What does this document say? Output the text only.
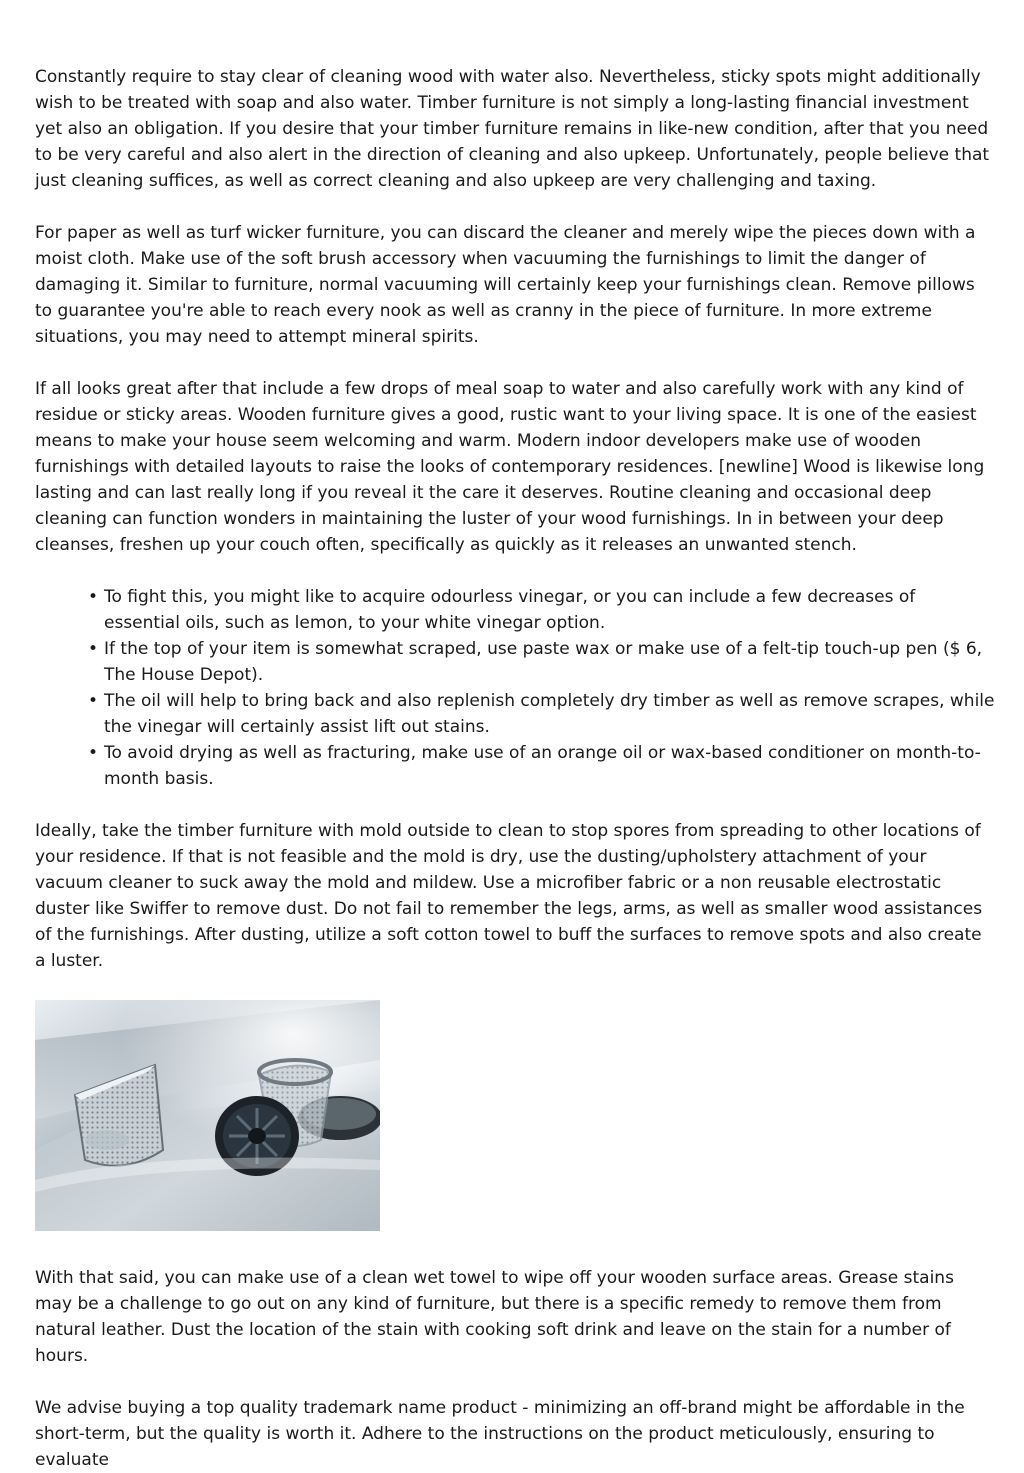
Constantly require to stay clear of cleaning wood with water also. Nevertheless, sticky spots might additionally wish to be treated with soap and also water. Timber furniture is not simply a long-lasting financial investment yet also an obligation. If you desire that your timber furniture remains in like-new condition, after that you need to be very careful and also alert in the direction of cleaning and also upkeep. Unfortunately, people believe that just cleaning suffices, as well as correct cleaning and also upkeep are very challenging and taxing.

For paper as well as turf wicker furniture, you can discard the cleaner and merely wipe the pieces down with a moist cloth. Make use of the soft brush accessory when vacuuming the furnishings to limit the danger of damaging it. Similar to furniture, normal vacuuming will certainly keep your furnishings clean. Remove pillows to guarantee you're able to reach every nook as well as cranny in the piece of furniture. In more extreme situations, you may need to attempt mineral spirits.

If all looks great after that include a few drops of meal soap to water and also carefully work with any kind of residue or sticky areas. Wooden furniture gives a good, rustic want to your living space. It is one of the easiest means to make your house seem welcoming and warm. Modern indoor developers make use of wooden furnishings with detailed layouts to raise the looks of contemporary residences. [newline] Wood is likewise long lasting and can last really long if you reveal it the care it deserves. Routine cleaning and occasional deep cleaning can function wonders in maintaining the luster of your wood furnishings. In in between your deep cleanses, freshen up your couch often, specifically as quickly as it releases an unwanted stench.

• To fight this, you might like to acquire odourless vinegar, or you can include a few decreases of essential oils, such as lemon, to your white vinegar option.
• If the top of your item is somewhat scraped, use paste wax or make use of a felt-tip touch-up pen ($ 6, The House Depot).
• The oil will help to bring back and also replenish completely dry timber as well as remove scrapes, while the vinegar will certainly assist lift out stains.
• To avoid drying as well as fracturing, make use of an orange oil or wax-based conditioner on month-to-month basis.

Ideally, take the timber furniture with mold outside to clean to stop spores from spreading to other locations of your residence. If that is not feasible and the mold is dry, use the dusting/upholstery attachment of your vacuum cleaner to suck away the mold and mildew. Use a microfiber fabric or a non reusable electrostatic duster like Swiffer to remove dust. Do not fail to remember the legs, arms, as well as smaller wood assistances of the furnishings. After dusting, utilize a soft cotton towel to buff the surfaces to remove spots and also create a luster.

With that said, you can make use of a clean wet towel to wipe off your wooden surface areas. Grease stains may be a challenge to go out on any kind of furniture, but there is a specific remedy to remove them from natural leather. Dust the location of the stain with cooking soft drink and leave on the stain for a number of hours.

We advise buying a top quality trademark name product - minimizing an off-brand might be affordable in the short-term, but the quality is worth it. Adhere to the instructions on the product meticulously, ensuring to evaluate
